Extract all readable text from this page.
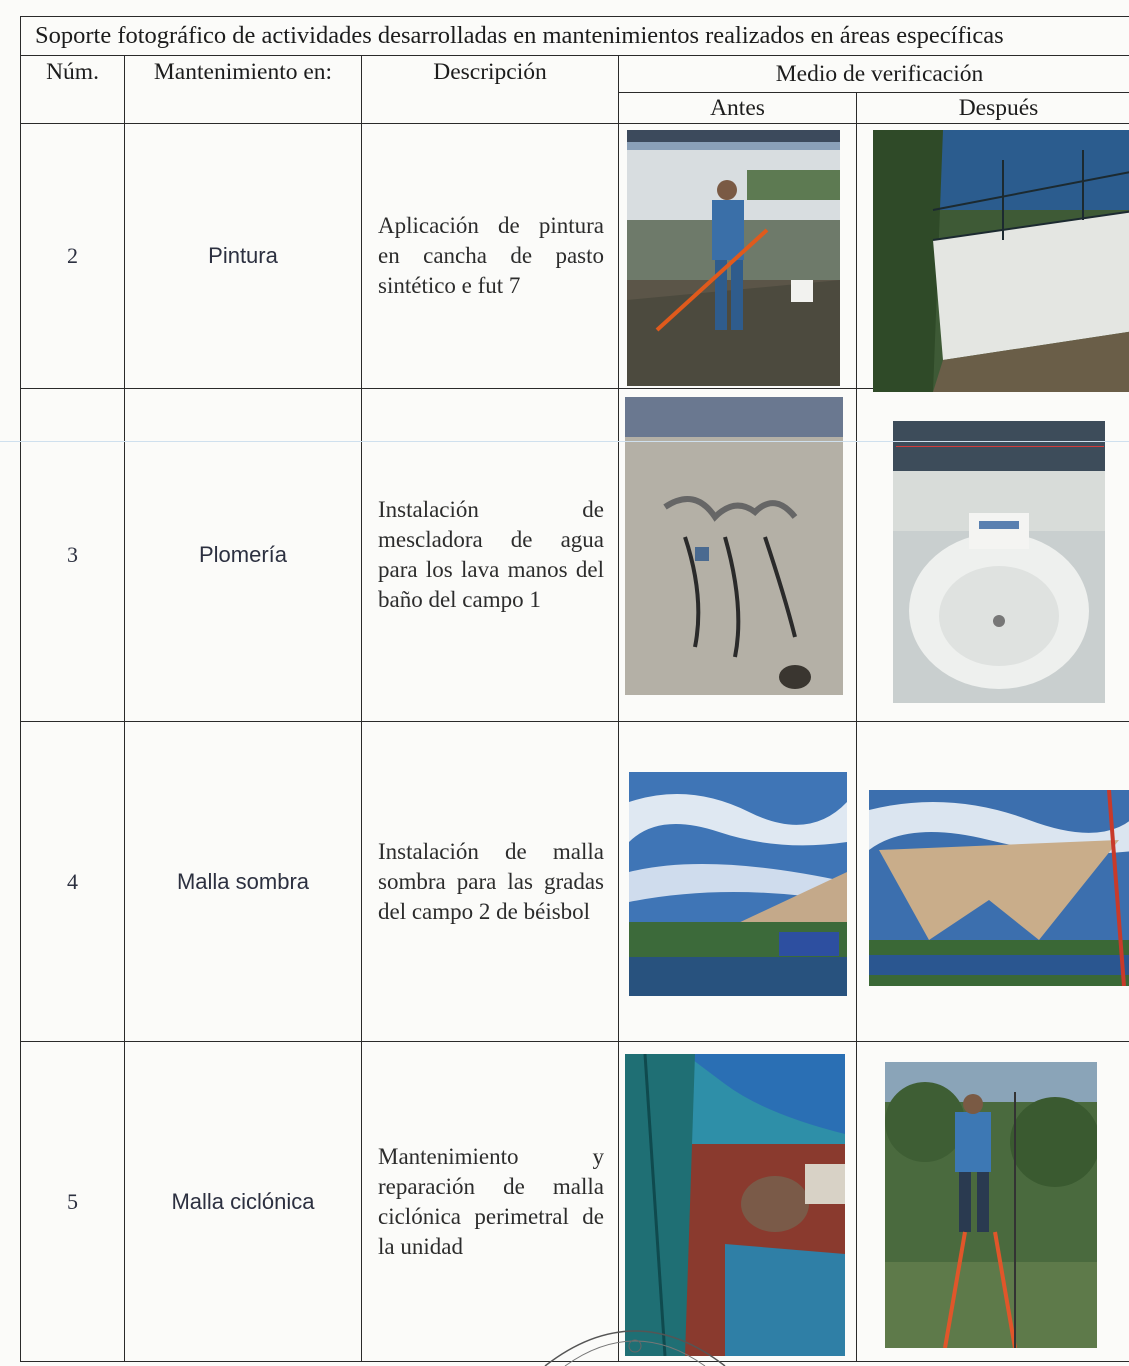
Soporte fotográfico de actividades desarrolladas en mantenimientos realizados en áreas específicas				
Núm.	Mantenimiento en:	Descripción	Medio de verificación	
			Antes	Después
2	Pintura	Aplicación de pintura en cancha de pasto sintético e fut 7

3	Plomería	Instalación de mescladora de agua para los lava manos del baño del campo 1

4	Malla sombra	Instalación de malla sombra para las gradas del campo 2 de béisbol

5	Malla ciclónica	Mantenimiento y reparación de malla ciclónica perimetral de la unidad
